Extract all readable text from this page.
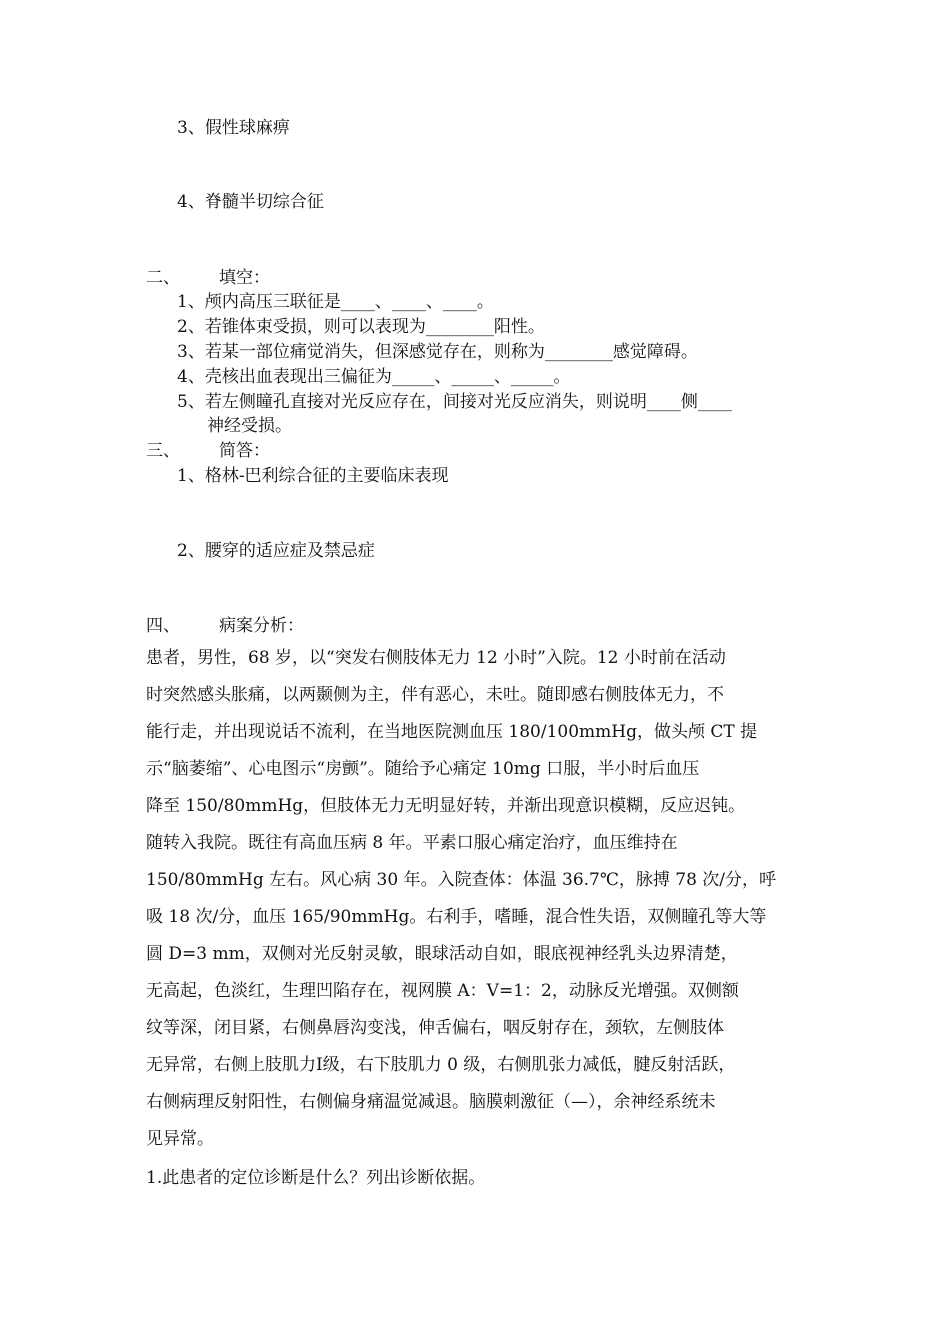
3、假性球麻痹
4、脊髓半切综合征
二、 填空：
1、颅内高压三联征是____、____、____。
2、若锥体束受损，则可以表现为________阳性。
3、若某一部位痛觉消失，但深感觉存在，则称为________感觉障碍。
4、壳核出血表现出三偏征为_____、_____、_____。
5、若左侧瞳孔直接对光反应存在，间接对光反应消失，则说明____侧____
神经受损。
三、 简答：
1、格林-巴利综合征的主要临床表现
2、腰穿的适应症及禁忌症
四、 病案分析：
患者，男性，68 岁，以“突发右侧肢体无力 12 小时”入院。12 小时前在活动
时突然感头胀痛，以两颞侧为主，伴有恶心，未吐。随即感右侧肢体无力，不
能行走，并出现说话不流利，在当地医院测血压 180/100mmHg，做头颅 CT 提
示“脑萎缩”、心电图示“房颤”。随给予心痛定 10mg 口服，半小时后血压
降至 150/80mmHg，但肢体无力无明显好转，并渐出现意识模糊，反应迟钝。
随转入我院。既往有高血压病 8 年。平素口服心痛定治疗，血压维持在
150/80mmHg 左右。风心病 30 年。入院查体：体温 36.7℃，脉搏 78 次/分，呼
吸 18 次/分，血压 165/90mmHg。右利手，嗜睡，混合性失语，双侧瞳孔等大等
圆 D=3 mm，双侧对光反射灵敏，眼球活动自如，眼底视神经乳头边界清楚，
无高起，色淡红，生理凹陷存在，视网膜 A：V=1：2，动脉反光增强。双侧额
纹等深，闭目紧，右侧鼻唇沟变浅，伸舌偏右，咽反射存在，颈软，左侧肢体
无异常，右侧上肢肌力Ⅰ级，右下肢肌力 0 级，右侧肌张力减低，腱反射活跃，
右侧病理反射阳性，右侧偏身痛温觉减退。脑膜刺激征（—），余神经系统未
见异常。
1.此患者的定位诊断是什么？列出诊断依据。
